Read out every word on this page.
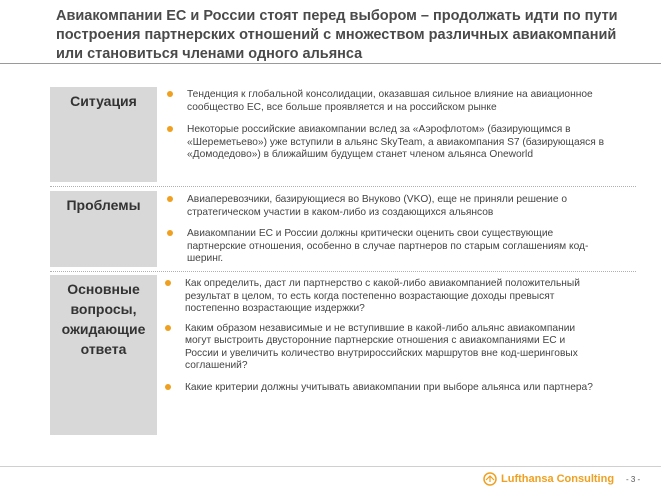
Авиакомпании ЕС и России стоят перед выбором – продолжать идти по пути построения партнерских отношений с множеством различных авиакомпаний или становиться членами одного альянса
Ситуация	Тенденция к глобальной консолидации, оказавшая сильное влияние на авиационное сообщество ЕС, все больше проявляется и на российском рынке
Некоторые российские авиакомпании вслед за «Аэрофлотом» (базирующимся в «Шереметьево») уже вступили в альянс SkyTeam, а авиакомпания S7 (базирующаяся в «Домодедово») в ближайшим будущем станет членом альянса Oneworld
Проблемы	Авиаперевозчики, базирующиеся во Внуково (VKO), еще не приняли решение о стратегическом участии в каком-либо из создающихся альянсов
Авиакомпании ЕС и России должны критически оценить свои существующие партнерские отношения, особенно в случае партнеров по старым соглашениям код-шеринг.
Основные вопросы, ожидающие ответа
Как определить, даст ли партнерство с какой-либо авиакомпанией положительный результат в целом, то есть когда постепенно возрастающие доходы превысят постепенно возрастающие издержки?
Каким образом независимые и не вступившие в какой-либо альянс авиакомпании могут выстроить двусторонние партнерские отношения с авиакомпаниями ЕС и России и увеличить количество внутрироссийских маршрутов вне код-шеринговых соглашений?
Какие критерии должны учитывать авиакомпании при выборе альянса или партнера?
Lufthansa Consulting - 3 -
